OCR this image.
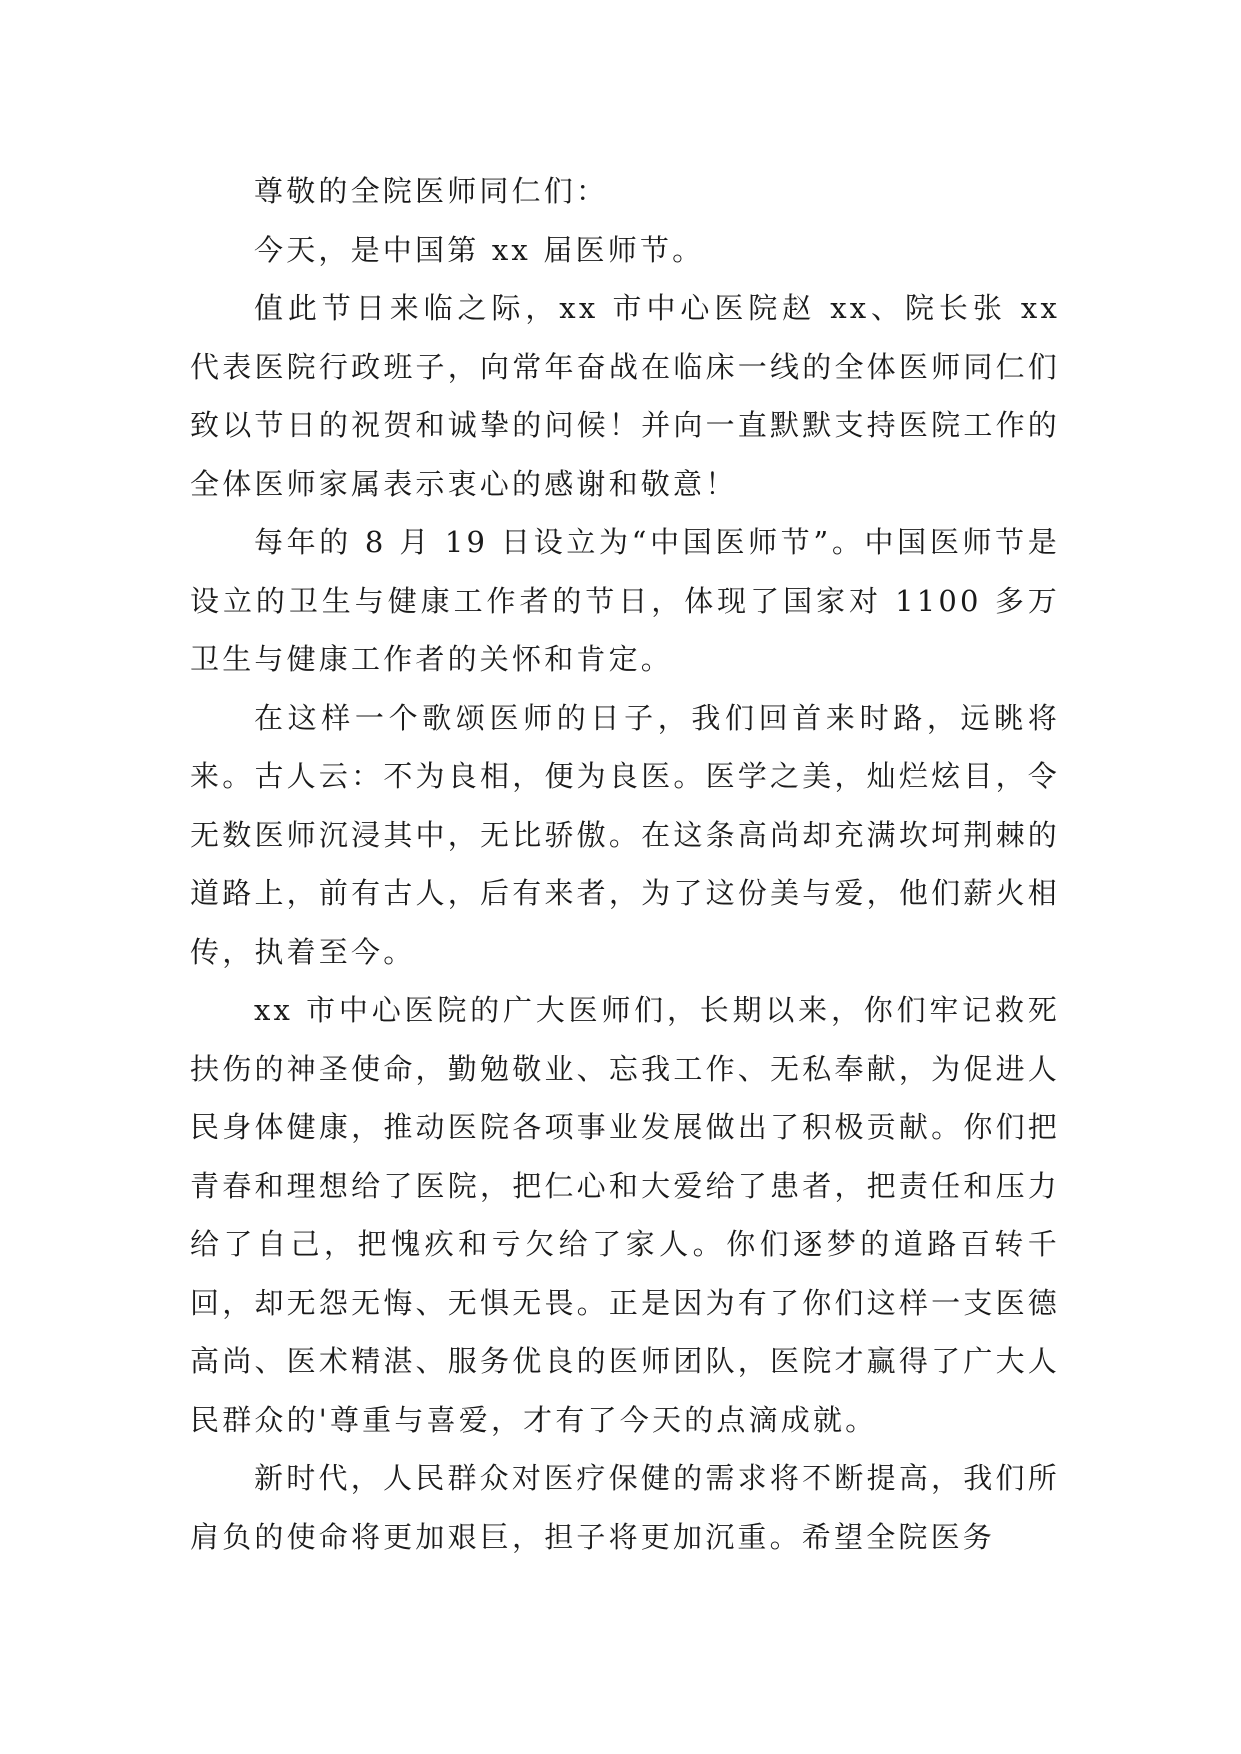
尊敬的全院医师同仁们：

今天，是中国第 xx 届医师节。

值此节日来临之际，xx 市中心医院赵 xx、院长张 xx 代表医院行政班子，向常年奋战在临床一线的全体医师同仁们致以节日的祝贺和诚挚的问候！并向一直默默支持医院工作的全体医师家属表示衷心的感谢和敬意！

每年的 8 月 19 日设立为“中国医师节”。中国医师节是设立的卫生与健康工作者的节日，体现了国家对 1100 多万卫生与健康工作者的关怀和肯定。

在这样一个歌颂医师的日子，我们回首来时路，远眺将来。古人云：不为良相，便为良医。医学之美，灿烂炫目，令无数医师沉浸其中，无比骄傲。在这条高尚却充满坎坷荆棘的道路上，前有古人，后有来者，为了这份美与爱，他们薪火相传，执着至今。

xx 市中心医院的广大医师们，长期以来，你们牢记救死扶伤的神圣使命，勤勉敬业、忘我工作、无私奉献，为促进人民身体健康，推动医院各项事业发展做出了积极贡献。你们把青春和理想给了医院，把仁心和大爱给了患者，把责任和压力给了自己，把愧疚和亏欠给了家人。你们逐梦的道路百转千回，却无怨无悔、无惧无畏。正是因为有了你们这样一支医德高尚、医术精湛、服务优良的医师团队，医院才赢得了广大人民群众的'尊重与喜爱，才有了今天的点滴成就。

新时代，人民群众对医疗保健的需求将不断提高，我们所肩负的使命将更加艰巨，担子将更加沉重。希望全院医务
